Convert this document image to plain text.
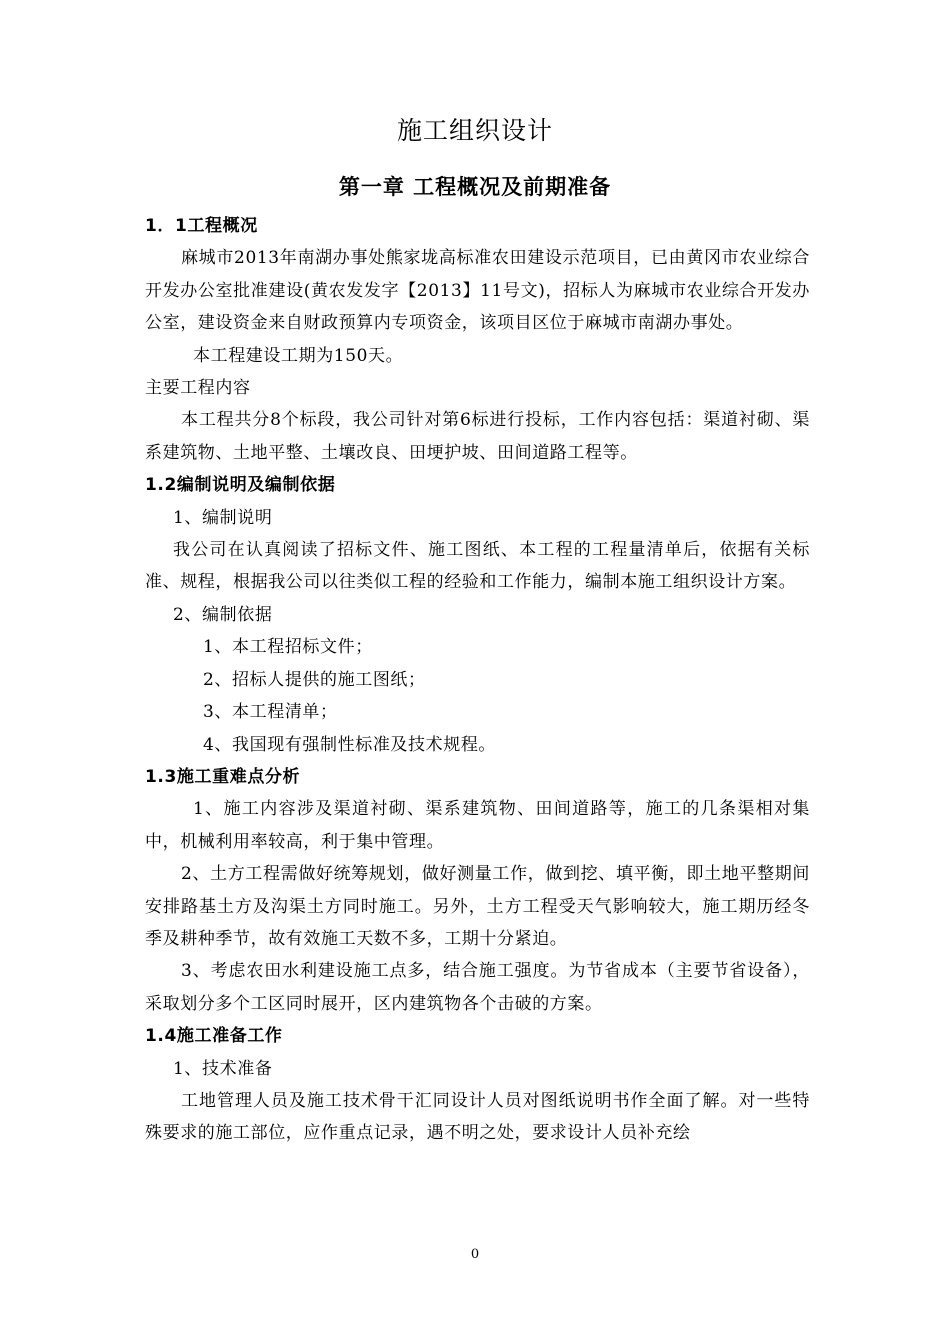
施工组织设计
第一章 工程概况及前期准备

1．1工程概况

麻城市2013年南湖办事处熊家垅高标准农田建设示范项目，已由黄冈市农业综合开发办公室批准建设(黄农发发字【2013】11号文)，招标人为麻城市农业综合开发办公室，建设资金来自财政预算内专项资金，该项目区位于麻城市南湖办事处。

本工程建设工期为150天。

主要工程内容

本工程共分8个标段，我公司针对第6标进行投标，工作内容包括：渠道衬砌、渠系建筑物、土地平整、土壤改良、田埂护坡、田间道路工程等。

1.2编制说明及编制依据

1、编制说明

我公司在认真阅读了招标文件、施工图纸、本工程的工程量清单后，依据有关标准、规程，根据我公司以往类似工程的经验和工作能力，编制本施工组织设计方案。

2、编制依据

1、本工程招标文件；

2、招标人提供的施工图纸；

3、本工程清单；

4、我国现有强制性标准及技术规程。

1.3施工重难点分析

1、施工内容涉及渠道衬砌、渠系建筑物、田间道路等，施工的几条渠相对集中，机械利用率较高，利于集中管理。

2、土方工程需做好统筹规划，做好测量工作，做到挖、填平衡，即土地平整期间安排路基土方及沟渠土方同时施工。另外，土方工程受天气影响较大，施工期历经冬季及耕种季节，故有效施工天数不多，工期十分紧迫。

3、考虑农田水利建设施工点多，结合施工强度。为节省成本（主要节省设备），采取划分多个工区同时展开，区内建筑物各个击破的方案。

1.4施工准备工作

1、技术准备

工地管理人员及施工技术骨干汇同设计人员对图纸说明书作全面了解。对一些特殊要求的施工部位，应作重点记录，遇不明之处，要求设计人员补充绘

0
